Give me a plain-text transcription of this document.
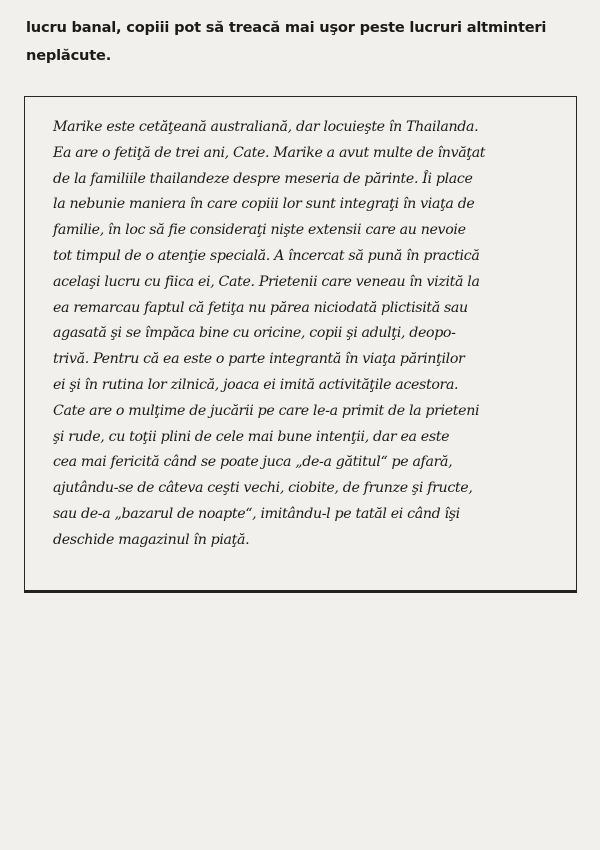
lucru banal, copiii pot să treacă mai uşor peste lucruri altminteri
neplăcute.

Marike este cetăţeană australiană, dar locuieşte în Thailanda.
Ea are o fetiţă de trei ani, Cate. Marike a avut multe de învăţat
de la familiile thailandeze despre meseria de părinte. Îi place
la nebunie maniera în care copiii lor sunt integraţi în viaţa de
familie, în loc să fie consideraţi nişte extensii care au nevoie
tot timpul de o atenţie specială. A încercat să pună în practică
acelaşi lucru cu fiica ei, Cate. Prietenii care veneau în vizită la
ea remarcau faptul că fetiţa nu părea niciodată plictisită sau
agasată şi se împăca bine cu oricine, copii şi adulţi, deopo-
trivă. Pentru că ea este o parte integrantă în viaţa părinţilor
ei şi în rutina lor zilnică, joaca ei imită activităţile acestora.
Cate are o mulţime de jucării pe care le-a primit de la prieteni
şi rude, cu toţii plini de cele mai bune intenţii, dar ea este
cea mai fericită când se poate juca „de-a gătitul“ pe afară,
ajutându-se de câteva ceşti vechi, ciobite, de frunze şi fructe,
sau de-a „bazarul de noapte“, imitându-l pe tatăl ei când îşi
deschide magazinul în piaţă.
